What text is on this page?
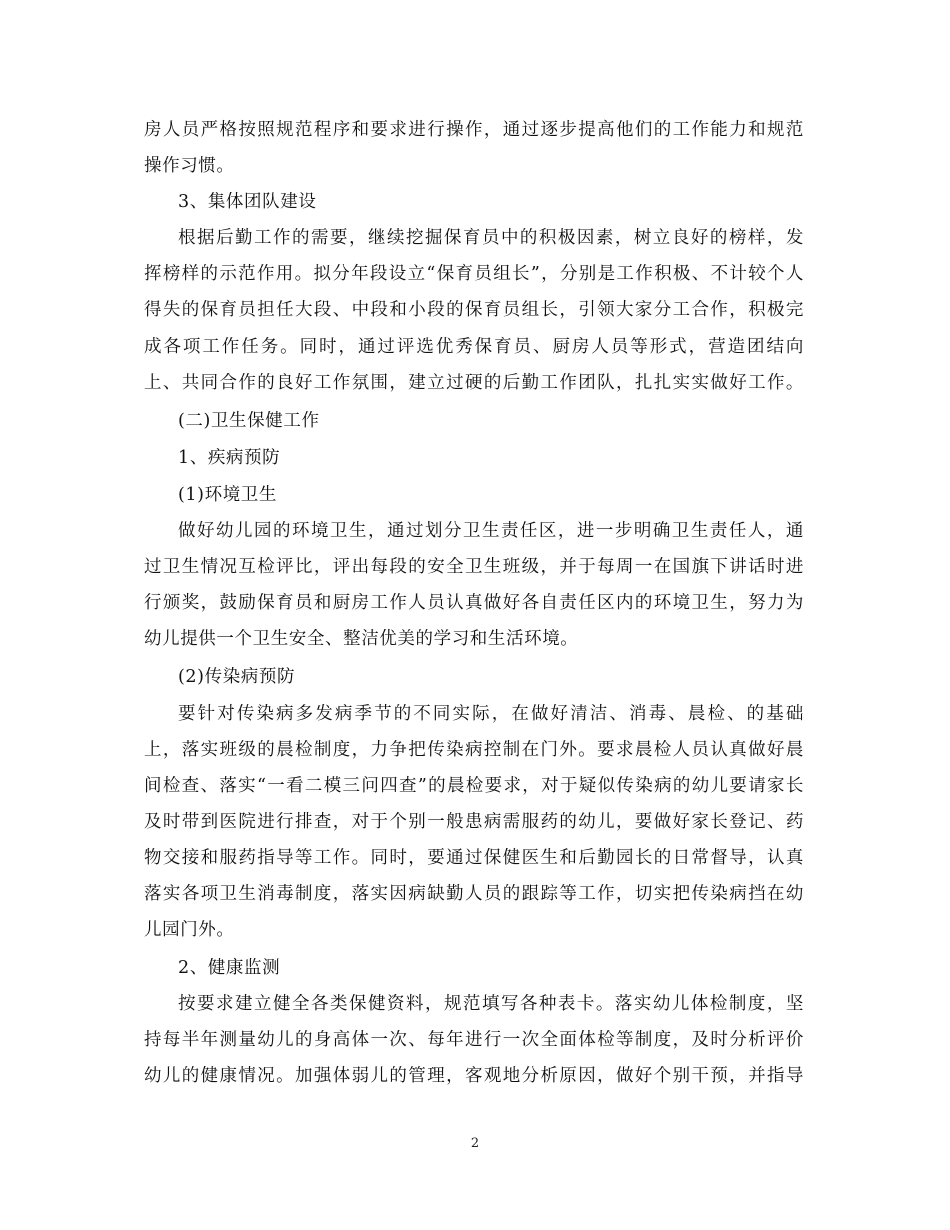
房人员严格按照规范程序和要求进行操作，通过逐步提高他们的工作能力和规范
操作习惯。
3、集体团队建设
根据后勤工作的需要，继续挖掘保育员中的积极因素，树立良好的榜样，发
挥榜样的示范作用。拟分年段设立“保育员组长”，分别是工作积极、不计较个人
得失的保育员担任大段、中段和小段的保育员组长，引领大家分工合作，积极完
成各项工作任务。同时，通过评选优秀保育员、厨房人员等形式，营造团结向
上、共同合作的良好工作氛围，建立过硬的后勤工作团队，扎扎实实做好工作。
(二)卫生保健工作
1、疾病预防
(1)环境卫生
做好幼儿园的环境卫生，通过划分卫生责任区，进一步明确卫生责任人，通
过卫生情况互检评比，评出每段的安全卫生班级，并于每周一在国旗下讲话时进
行颁奖，鼓励保育员和厨房工作人员认真做好各自责任区内的环境卫生，努力为
幼儿提供一个卫生安全、整洁优美的学习和生活环境。
(2)传染病预防
要针对传染病多发病季节的不同实际，在做好清洁、消毒、晨检、的基础
上，落实班级的晨检制度，力争把传染病控制在门外。要求晨检人员认真做好晨
间检查、落实“一看二模三问四查”的晨检要求，对于疑似传染病的幼儿要请家长
及时带到医院进行排查，对于个别一般患病需服药的幼儿，要做好家长登记、药
物交接和服药指导等工作。同时，要通过保健医生和后勤园长的日常督导，认真
落实各项卫生消毒制度，落实因病缺勤人员的跟踪等工作，切实把传染病挡在幼
儿园门外。
2、健康监测
按要求建立健全各类保健资料，规范填写各种表卡。落实幼儿体检制度，坚
持每半年测量幼儿的身高体一次、每年进行一次全面体检等制度，及时分析评价
幼儿的健康情况。加强体弱儿的管理，客观地分析原因，做好个别干预，并指导
2
